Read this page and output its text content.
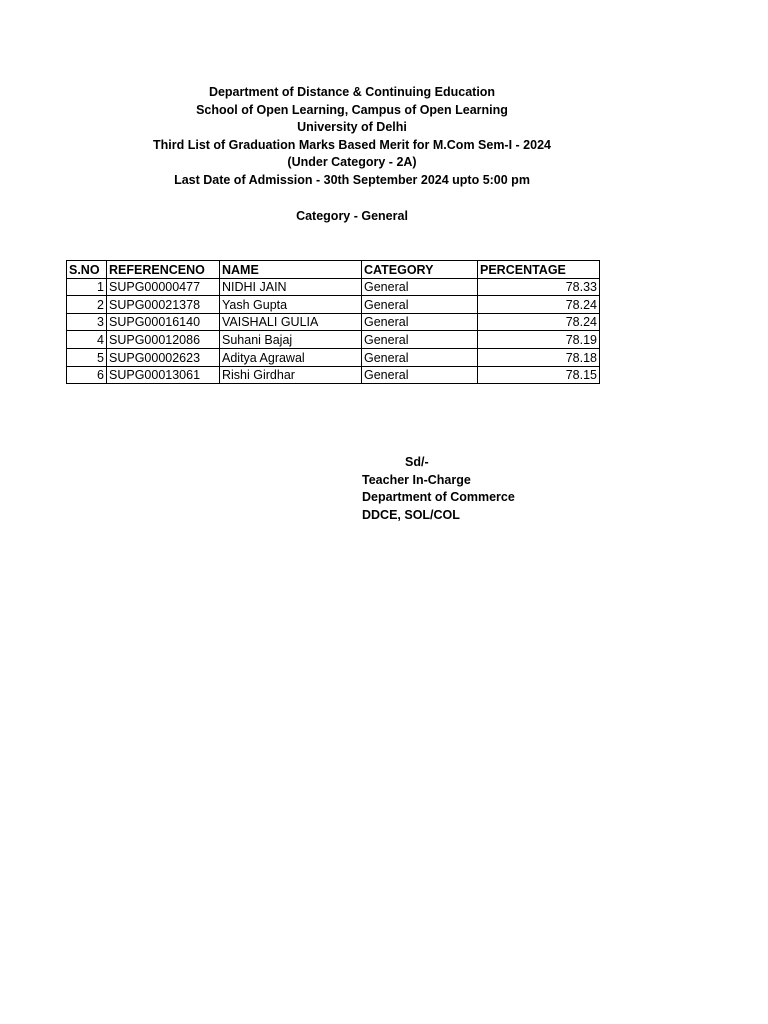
Department of Distance & Continuing Education
School of Open Learning, Campus of Open Learning
University of Delhi
Third List of Graduation Marks Based Merit for M.Com Sem-I - 2024
(Under Category - 2A)
Last Date of Admission - 30th September 2024 upto 5:00 pm
Category - General
S.NO	REFERENCENO	NAME	CATEGORY	PERCENTAGE
1	SUPG00000477	NIDHI JAIN	General	78.33
2	SUPG00021378	Yash Gupta	General	78.24
3	SUPG00016140	VAISHALI GULIA	General	78.24
4	SUPG00012086	Suhani Bajaj	General	78.19
5	SUPG00002623	Aditya Agrawal	General	78.18
6	SUPG00013061	Rishi Girdhar	General	78.15
Sd/-
Teacher In-Charge
Department of Commerce
DDCE, SOL/COL
